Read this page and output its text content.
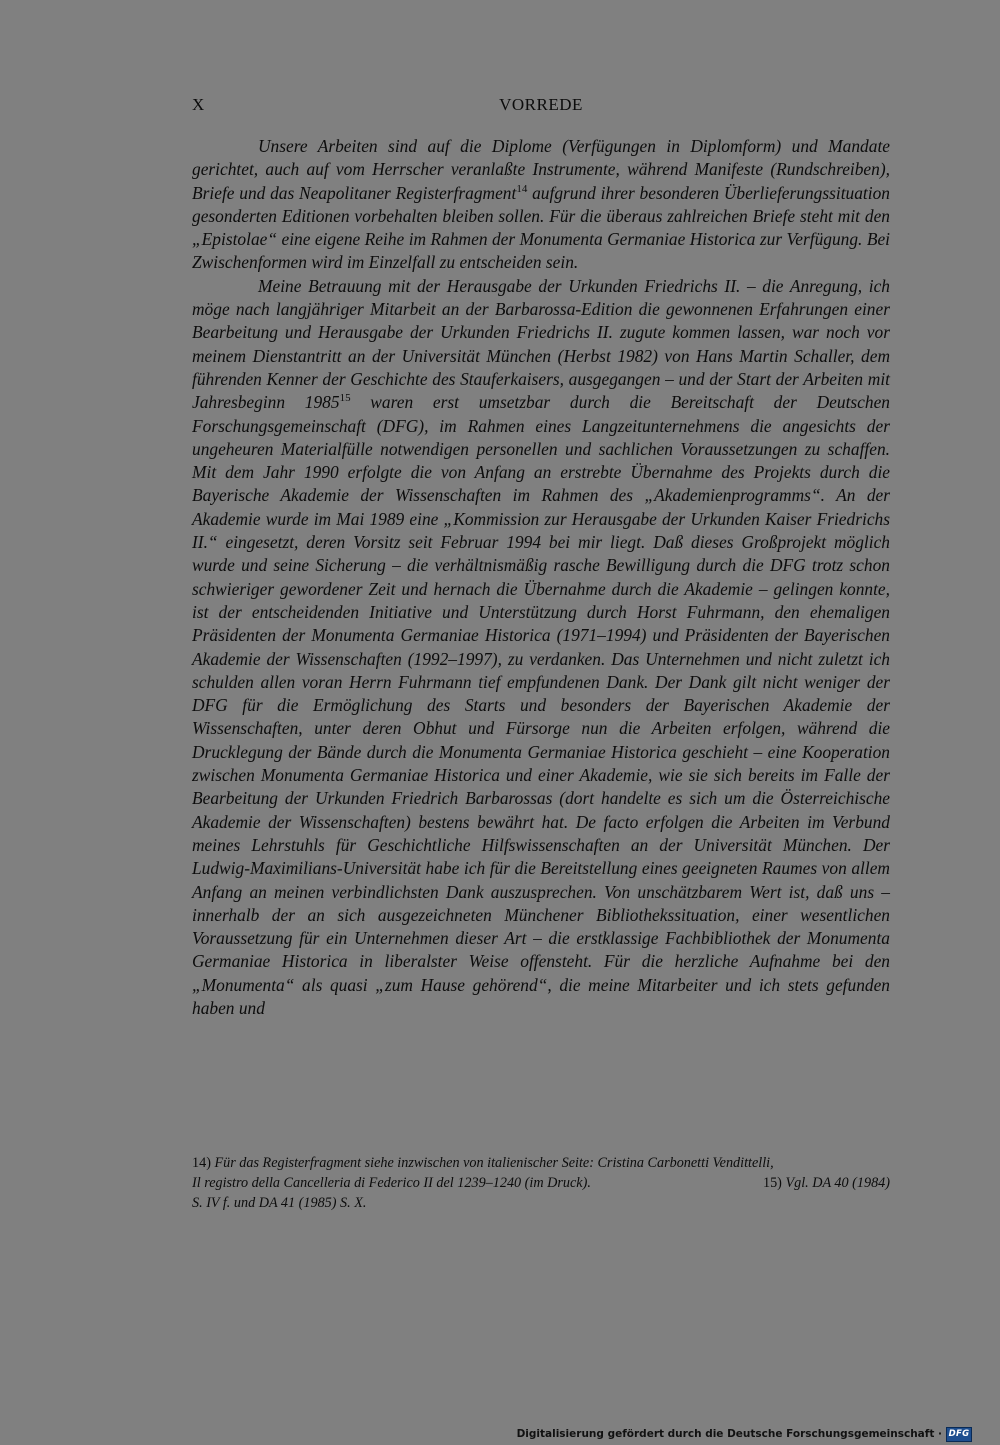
X	VORREDE

Unsere Arbeiten sind auf die Diplome (Verfügungen in Diplomform) und Mandate gerichtet, auch auf vom Herrscher veranlaßte Instrumente, während Manifeste (Rundschreiben), Briefe und das Neapolitaner Registerfragment$^{14}$ aufgrund ihrer besonderen Überlieferungssituation gesonderten Editionen vorbehalten bleiben sollen. Für die überaus zahlreichen Briefe steht mit den „Epistolae“ eine eigene Reihe im Rahmen der Monumenta Germaniae Historica zur Verfügung. Bei Zwischenformen wird im Einzelfall zu entscheiden sein.

Meine Betrauung mit der Herausgabe der Urkunden Friedrichs II. – die Anregung, ich möge nach langjähriger Mitarbeit an der Barbarossa-Edition die gewonnenen Erfahrungen einer Bearbeitung und Herausgabe der Urkunden Friedrichs II. zugute kommen lassen, war noch vor meinem Dienstantritt an der Universität München (Herbst 1982) von Hans Martin Schaller, dem führenden Kenner der Geschichte des Stauferkaisers, ausgegangen – und der Start der Arbeiten mit Jahresbeginn 1985$^{15}$ waren erst umsetzbar durch die Bereitschaft der Deutschen Forschungsgemeinschaft (DFG), im Rahmen eines Langzeitunternehmens die angesichts der ungeheuren Materialfülle notwendigen personellen und sachlichen Voraussetzungen zu schaffen. Mit dem Jahr 1990 erfolgte die von Anfang an erstrebte Übernahme des Projekts durch die Bayerische Akademie der Wissenschaften im Rahmen des „Akademienprogramms“. An der Akademie wurde im Mai 1989 eine „Kommission zur Herausgabe der Urkunden Kaiser Friedrichs II.“ eingesetzt, deren Vorsitz seit Februar 1994 bei mir liegt. Daß dieses Großprojekt möglich wurde und seine Sicherung – die verhältnismäßig rasche Bewilligung durch die DFG trotz schon schwieriger gewordener Zeit und hernach die Übernahme durch die Akademie – gelingen konnte, ist der entscheidenden Initiative und Unterstützung durch Horst Fuhrmann, den ehemaligen Präsidenten der Monumenta Germaniae Historica (1971–1994) und Präsidenten der Bayerischen Akademie der Wissenschaften (1992–1997), zu verdanken. Das Unternehmen und nicht zuletzt ich schulden allen voran Herrn Fuhrmann tief empfundenen Dank. Der Dank gilt nicht weniger der DFG für die Ermöglichung des Starts und besonders der Bayerischen Akademie der Wissenschaften, unter deren Obhut und Fürsorge nun die Arbeiten erfolgen, während die Drucklegung der Bände durch die Monumenta Germaniae Historica geschieht – eine Kooperation zwischen Monumenta Germaniae Historica und einer Akademie, wie sie sich bereits im Falle der Bearbeitung der Urkunden Friedrich Barbarossas (dort handelte es sich um die Österreichische Akademie der Wissenschaften) bestens bewährt hat. De facto erfolgen die Arbeiten im Verbund meines Lehrstuhls für Geschichtliche Hilfswissenschaften an der Universität München. Der Ludwig-Maximilians-Universität habe ich für die Bereitstellung eines geeigneten Raumes von allem Anfang an meinen verbindlichsten Dank auszusprechen. Von unschätzbarem Wert ist, daß uns – innerhalb der an sich ausgezeichneten Münchener Bibliothekssituation, einer wesentlichen Voraussetzung für ein Unternehmen dieser Art – die erstklassige Fachbibliothek der Monumenta Germaniae Historica in liberalster Weise offensteht. Für die herzliche Aufnahme bei den „Monumenta“ als quasi „zum Hause gehörend“, die meine Mitarbeiter und ich stets gefunden haben und

14) Für das Registerfragment siehe inzwischen von italienischer Seite: Cristina Carbonetti Vendittelli,
Il registro della Cancelleria di Federico II del 1239–1240 (im Druck).	15) Vgl. DA 40 (1984)
S. IV f. und DA 41 (1985) S. X.
Digitalisierung gefördert durch die Deutsche Forschungsgemeinschaft · DFG
